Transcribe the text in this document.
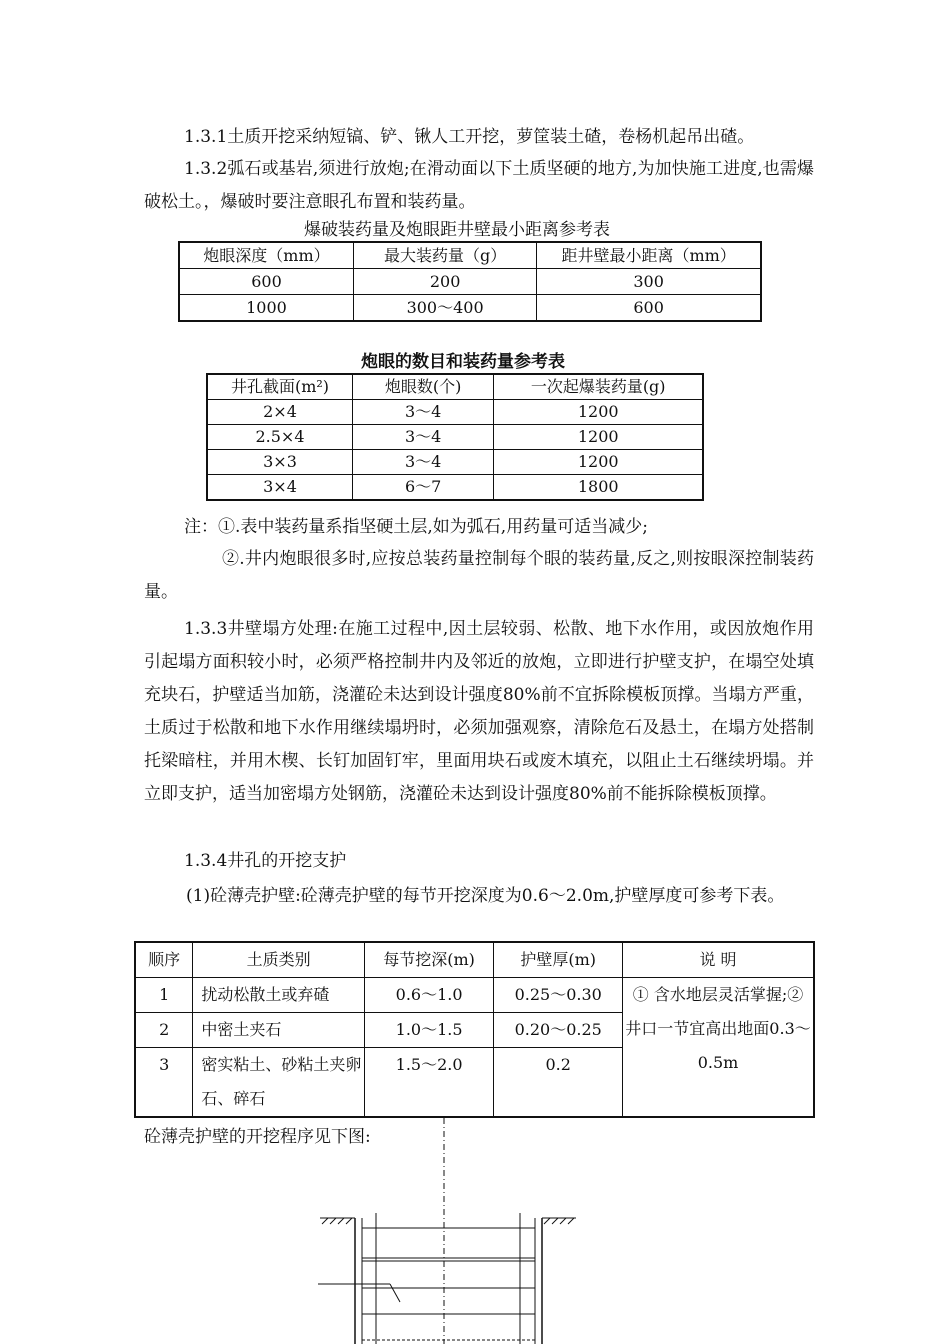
1.3.1土质开挖采纳短镐、铲、锹人工开挖，萝筐装土碴，卷杨机起吊出碴。

1.3.2弧石或基岩,须进行放炮;在滑动面以下土质坚硬的地方,为加快施工进度,也需爆破松土。，爆破时要注意眼孔布置和装药量。

爆破装药量及炮眼距井壁最小距离参考表

炮眼深度（mm）	最大装药量（g）	距井壁最小距离（mm）
600	200	300
1000	300～400	600

炮眼的数目和装药量参考表

井孔截面(m²)	炮眼数(个)	一次起爆装药量(g)
2×4	3～4	1200
2.5×4	3～4	1200
3×3	3～4	1200
3×4	6～7	1800

注：①.表中装药量系指坚硬土层,如为弧石,用药量可适当减少;

②.井内炮眼很多时,应按总装药量控制每个眼的装药量,反之,则按眼深控制装药量。

1.3.3井壁塌方处理:在施工过程中,因土层较弱、松散、地下水作用，或因放炮作用引起塌方面积较小时，必须严格控制井内及邻近的放炮，立即进行护壁支护，在塌空处填充块石，护壁适当加筋，浇灌砼未达到设计强度80%前不宜拆除模板顶撑。当塌方严重，土质过于松散和地下水作用继续塌坍时，必须加强观察，清除危石及悬土，在塌方处搭制托梁暗柱，并用木楔、长钉加固钉牢，里面用块石或废木填充，以阻止土石继续坍塌。并立即支护，适当加密塌方处钢筋，浇灌砼未达到设计强度80%前不能拆除模板顶撑。

1.3.4井孔的开挖支护

(1)砼薄壳护壁:砼薄壳护壁的每节开挖深度为0.6～2.0m,护壁厚度可参考下表。

顺序	土质类别	每节挖深(m)	护壁厚(m)	说 明
1	扰动松散土或弃碴	0.6～1.0	0.25～0.30	① 含水地层灵活掌握;② 井口一节宜高出地面0.3～0.5m
2	中密土夹石	1.0～1.5	0.20～0.25	
3	密实粘土、砂粘土夹卵石、碎石	1.5～2.0	0.2	

砼薄壳护壁的开挖程序见下图:
